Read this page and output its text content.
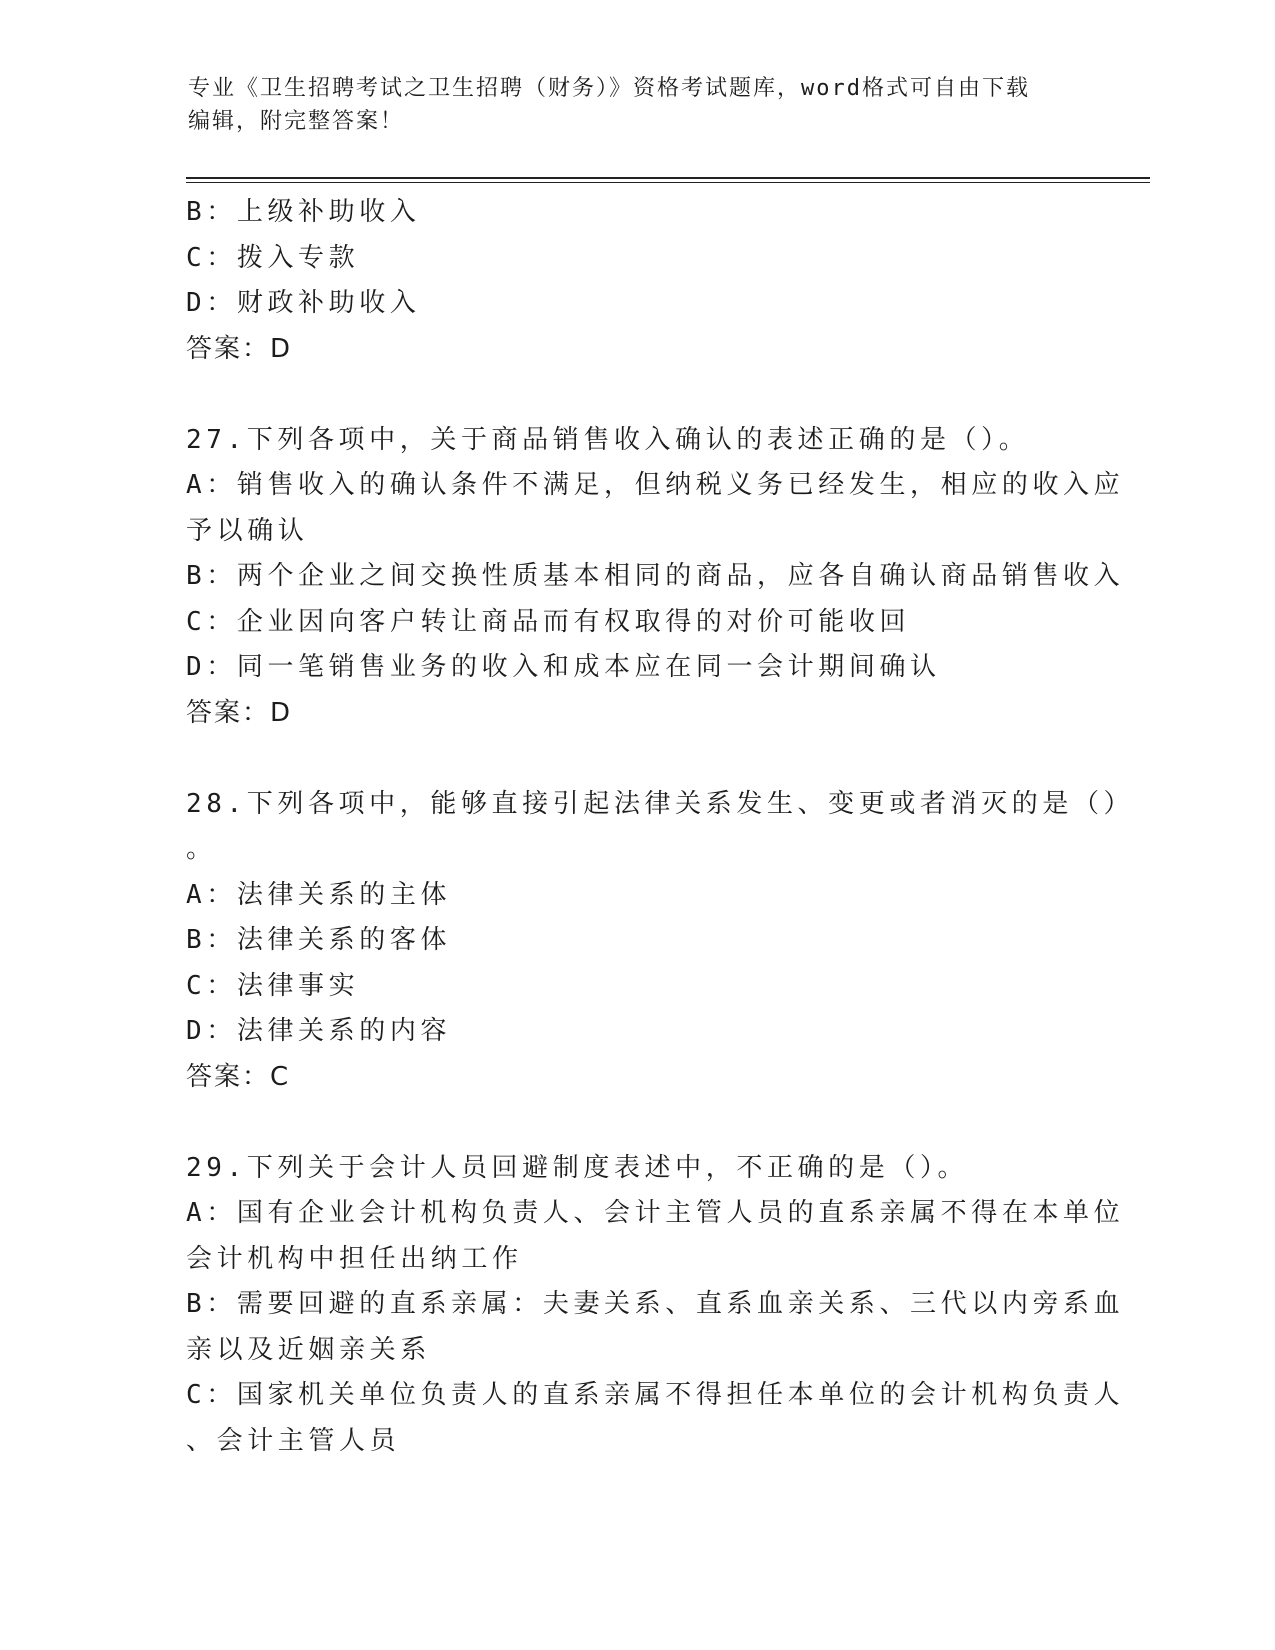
专业《卫生招聘考试之卫生招聘（财务）》资格考试题库，word格式可自由下载
编辑，附完整答案！
B：上级补助收入
C：拨入专款
D：财政补助收入
答案：D
27.下列各项中，关于商品销售收入确认的表述正确的是（）。
A：销售收入的确认条件不满足，但纳税义务已经发生，相应的收入应
予以确认
B：两个企业之间交换性质基本相同的商品，应各自确认商品销售收入
C：企业因向客户转让商品而有权取得的对价可能收回
D：同一笔销售业务的收入和成本应在同一会计期间确认
答案：D
28.下列各项中，能够直接引起法律关系发生、变更或者消灭的是（）
。
A：法律关系的主体
B：法律关系的客体
C：法律事实
D：法律关系的内容
答案：C
29.下列关于会计人员回避制度表述中，不正确的是（）。
A：国有企业会计机构负责人、会计主管人员的直系亲属不得在本单位
会计机构中担任出纳工作
B：需要回避的直系亲属：夫妻关系、直系血亲关系、三代以内旁系血
亲以及近姻亲关系
C：国家机关单位负责人的直系亲属不得担任本单位的会计机构负责人
、会计主管人员
